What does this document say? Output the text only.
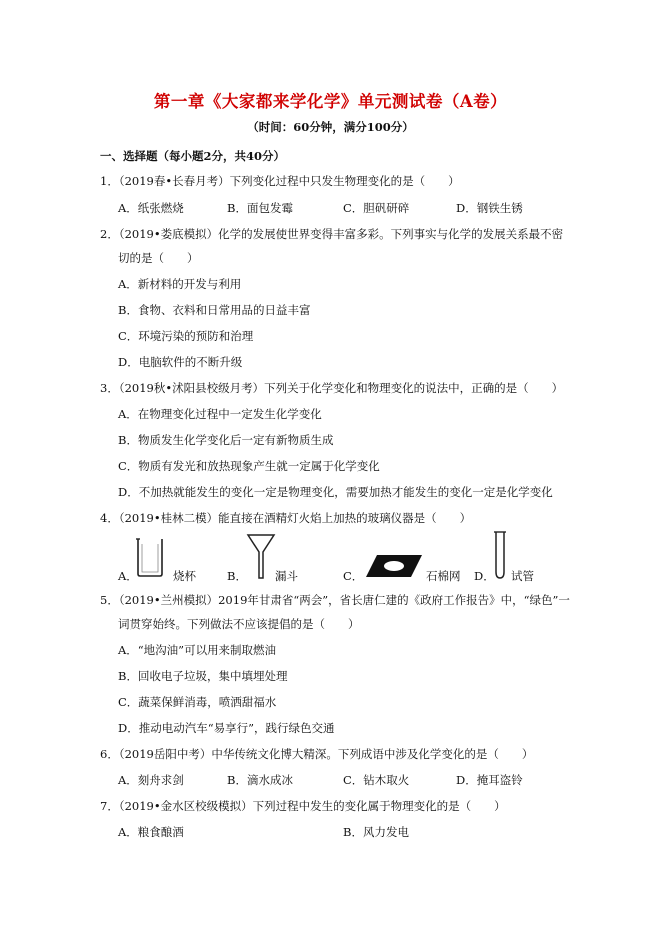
第一章《大家都来学化学》单元测试卷（A卷）
（时间：60分钟，满分100分）
一、选择题（每小题2分，共40分）
1．（2019春•长春月考）下列变化过程中只发生物理变化的是（　　）
A．纸张燃烧	B．面包发霉	C．胆矾研碎	D．钢铁生锈
2．（2019•娄底模拟）化学的发展使世界变得丰富多彩。下列事实与化学的发展关系最不密
切的是（　　）
A．新材料的开发与利用
B．食物、衣料和日常用品的日益丰富
C．环境污染的预防和治理
D．电脑软件的不断升级
3．（2019秋•沭阳县校级月考）下列关于化学变化和物理变化的说法中，正确的是（　　）
A．在物理变化过程中一定发生化学变化
B．物质发生化学变化后一定有新物质生成
C．物质有发光和放热现象产生就一定属于化学变化
D．不加热就能发生的变化一定是物理变化，需要加热才能发生的变化一定是化学变化
4．（2019•桂林二模）能直接在酒精灯火焰上加热的玻璃仪器是（　　）
A．	烧杯	B． 漏斗	C．	石棉网 D． 试管
5．（2019•兰州模拟）2019年甘肃省“两会”，省长唐仁建的《政府工作报告》中，“绿色”一
词贯穿始终。下列做法不应该提倡的是（　　）
A．“地沟油”可以用来制取燃油
B．回收电子垃圾，集中填埋处理
C．蔬菜保鲜消毒，喷洒甜福水
D．推动电动汽车“易享行”，践行绿色交通
6．（2019岳阳中考）中华传统文化博大精深。下列成语中涉及化学变化的是（　　）
A．刻舟求剑	B．滴水成冰	C．钻木取火	D．掩耳盗铃
7．（2019•金水区校级模拟）下列过程中发生的变化属于物理变化的是（　　）
A．粮食酿酒	B．风力发电
